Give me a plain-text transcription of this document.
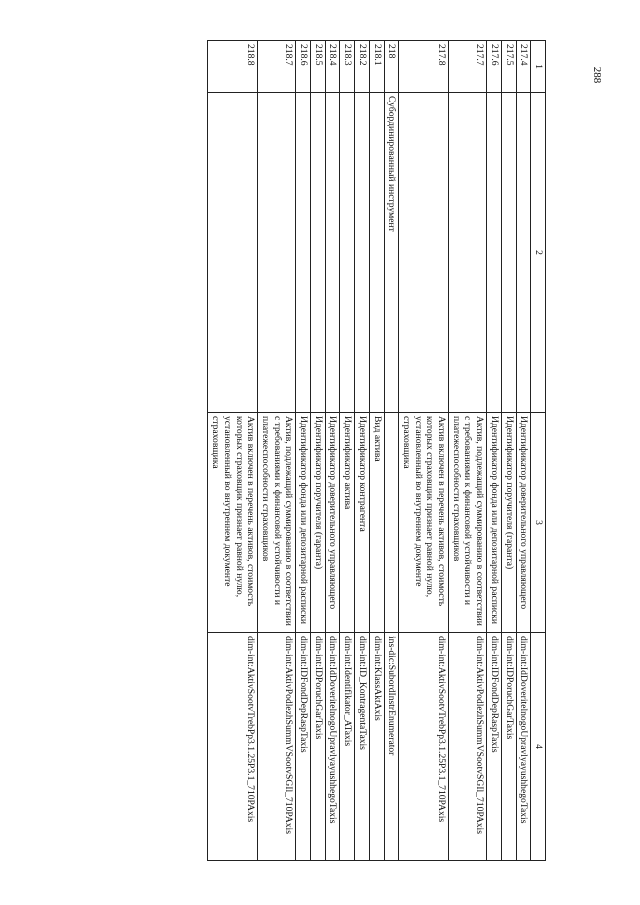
288
1	2	3	4
217.4		Идентификатор доверительного управляющего	dim-int:IdDoveritelnogoUpravlyayushhegoTaxis
217.5		Идентификатор поручителя (гаранта)	dim-int:IDPoruchGarTaxis
217.6		Идентификатор фонда или депозитарной расписки	dim-int:IDFondDepRaspTaxis
217.7		Актив, подлежащий суммированию в соответствии с требованиями к финансовой устойчивости и платежеспособности страховщиков	dim-int:AktivPodlezhSummVSootvSGIl_710PAxis
217.8		Актив включен в перечень активов, стоимость которых страховщик признает равной нулю, установленный во внутреннем документе страховщика	dim-int:AktivSootvTrebPp3.1.25P3.1_710PAxis
218	Субординированный инструмент		ins-dic:SubordInstrEnumerator
218.1		Вид актива	dim-int:KlassAktAxis
218.2		Идентификатор контрагента	dim-int:ID_KontragentaTaxis
218.3		Идентификатор актива	dim-int:Identifikator_ATaxis
218.4		Идентификатор доверительного управляющего	dim-int:IdDoveritelnogoUpravlyayushhegoTaxis
218.5		Идентификатор поручителя (гаранта)	dim-int:IDPoruchGarTaxis
218.6		Идентификатор фонда или депозитарной расписки	dim-int:IDFondDepRaspTaxis
218.7		Актив, подлежащий суммированию в соответствии с требованиями к финансовой устойчивости и платежеспособности страховщиков	dim-int:AktivPodlezhSummVSootvSGIl_710PAxis
218.8		Актив включен в перечень активов, стоимость которых страховщик признает равной нулю, установленный во внутреннем документе страховщика	dim-int:AktivSootvTrebPp3.1.25P3.1_710PAxis
